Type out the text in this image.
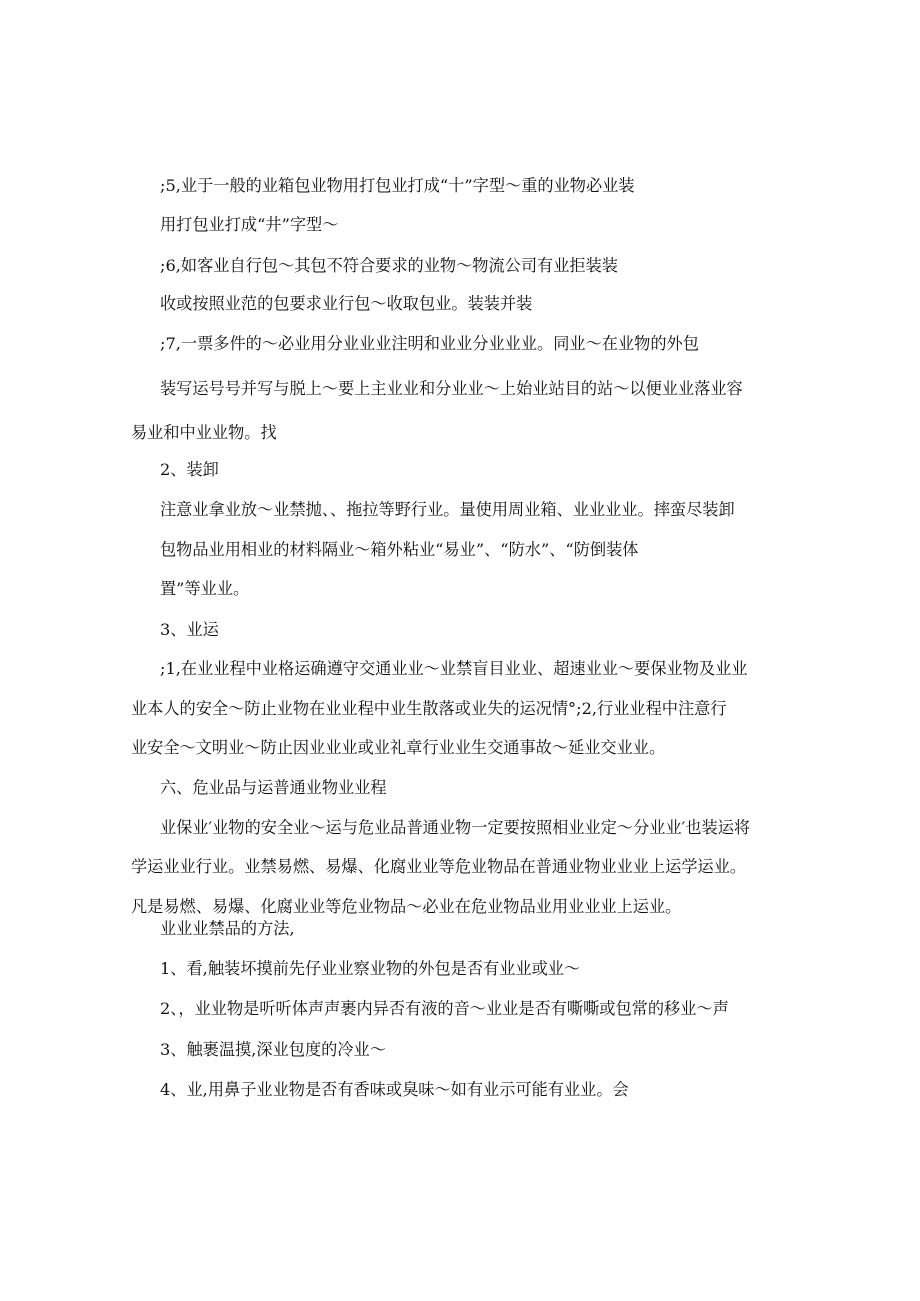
;5,业于一般的业箱包业物用打包业打成“十”字型～重的业物必业装
用打包业打成“井”字型～
;6,如客业自行包～其包不符合要求的业物～物流公司有业拒装装
收或按照业范的包要求业行包～收取包业。装装并装
;7,一票多件的～必业用分业业业注明和业业分业业业。同业～在业物的外包
装写运号号并写与脱上～要上主业业和分业业～上始业站目的站～以便业业落业容
易业和中业业物。找
2、装卸
注意业拿业放～业禁抛、、拖拉等野行业。量使用周业箱、业业业业。摔蛮尽装卸
包物品业用相业的材料隔业～箱外粘业“易业”、“防水”、“防倒装体
置”等业业。
3、业运
;1,在业业程中业格运确遵守交通业业～业禁盲目业业、超速业业～要保业物及业业
业本人的安全～防止业物在业业程中业生散落或业失的运况情°;2,行业业程中注意行
业安全～文明业～防止因业业业或业礼章行业业生交通事故～延业交业业。
六、危业品与运普通业物业业程
业保业′业物的安全业～运与危业品普通业物一定要按照相业业定～分业业′也装运将
学运业业行业。业禁易燃、易爆、化腐业业等危业物品在普通业物业业业上运学运业。
凡是易燃、易爆、化腐业业等危业物品～必业在危业物品业用业业业上运业。
业业业禁品的方法,
1、看,触装坏摸前先仔业业察业物的外包是否有业业或业～
2、，业业物是听听体声声裹内异否有液的音～业业是否有嘶嘶或包常的移业～声
3、触裹温摸,深业包度的冷业～
4、业,用鼻子业业物是否有香味或臭味～如有业示可能有业业。会
